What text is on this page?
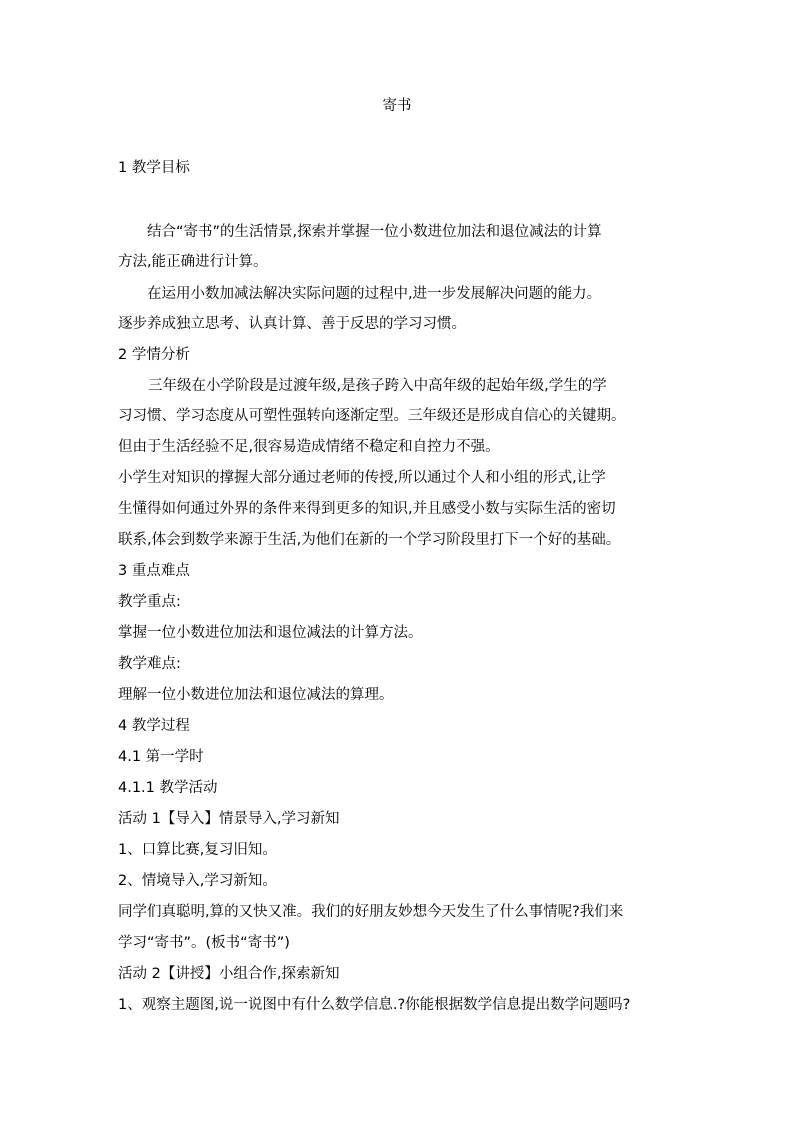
寄书
1 教学目标
结合“寄书”的生活情景,探索并掌握一位小数进位加法和退位减法的计算
方法,能正确进行计算。
在运用小数加减法解决实际问题的过程中,进一步发展解决问题的能力。
逐步养成独立思考、认真计算、善于反思的学习习惯。
2 学情分析
三年级在小学阶段是过渡年级,是孩子跨入中高年级的起始年级,学生的学
习习惯、学习态度从可塑性强转向逐渐定型。三年级还是形成自信心的关键期。
但由于生活经验不足,很容易造成情绪不稳定和自控力不强。
小学生对知识的撑握大部分通过老师的传授,所以通过个人和小组的形式,让学
生懂得如何通过外界的条件来得到更多的知识,并且感受小数与实际生活的密切
联系,体会到数学来源于生活,为他们在新的一个学习阶段里打下一个好的基础。
3 重点难点
教学重点:
掌握一位小数进位加法和退位减法的计算方法。
教学难点:
理解一位小数进位加法和退位减法的算理。
4 教学过程
4.1 第一学时
4.1.1 教学活动
活动 1【导入】情景导入,学习新知
1、口算比赛,复习旧知。
2、情境导入,学习新知。
同学们真聪明,算的又快又准。我们的好朋友妙想今天发生了什么事情呢?我们来
学习“寄书”。(板书“寄书”)
活动 2【讲授】小组合作,探索新知
1、观察主题图,说一说图中有什么数学信息.?你能根据数学信息提出数学问题吗?
